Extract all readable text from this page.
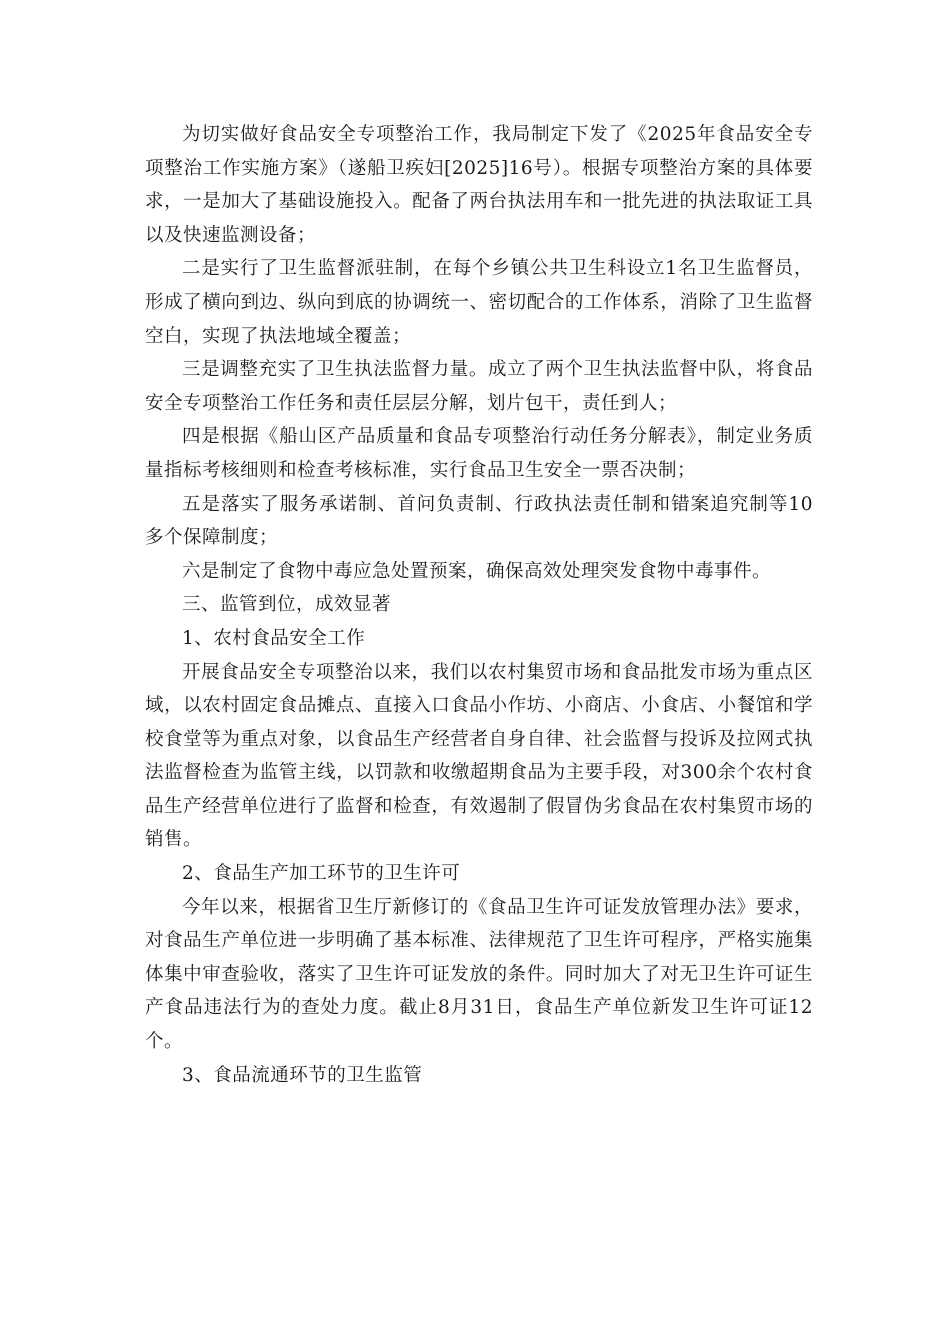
为切实做好食品安全专项整治工作，我局制定下发了《2025年食品安全专项整治工作实施方案》（遂船卫疾妇[2025]16号）。根据专项整治方案的具体要求，一是加大了基础设施投入。配备了两台执法用车和一批先进的执法取证工具以及快速监测设备；

二是实行了卫生监督派驻制，在每个乡镇公共卫生科设立1名卫生监督员，形成了横向到边、纵向到底的协调统一、密切配合的工作体系，消除了卫生监督空白，实现了执法地域全覆盖；

三是调整充实了卫生执法监督力量。成立了两个卫生执法监督中队，将食品安全专项整治工作任务和责任层层分解，划片包干，责任到人；

四是根据《船山区产品质量和食品专项整治行动任务分解表》，制定业务质量指标考核细则和检查考核标准，实行食品卫生安全一票否决制；

五是落实了服务承诺制、首问负责制、行政执法责任制和错案追究制等10多个保障制度；

六是制定了食物中毒应急处置预案，确保高效处理突发食物中毒事件。

三、监管到位，成效显著

1、农村食品安全工作

开展食品安全专项整治以来，我们以农村集贸市场和食品批发市场为重点区域，以农村固定食品摊点、直接入口食品小作坊、小商店、小食店、小餐馆和学校食堂等为重点对象，以食品生产经营者自身自律、社会监督与投诉及拉网式执法监督检查为监管主线，以罚款和收缴超期食品为主要手段，对300余个农村食品生产经营单位进行了监督和检查，有效遏制了假冒伪劣食品在农村集贸市场的销售。

2、食品生产加工环节的卫生许可

今年以来，根据省卫生厅新修订的《食品卫生许可证发放管理办法》要求，对食品生产单位进一步明确了基本标准、法律规范了卫生许可程序，严格实施集体集中审查验收，落实了卫生许可证发放的条件。同时加大了对无卫生许可证生产食品违法行为的查处力度。截止8月31日，食品生产单位新发卫生许可证12个。

3、食品流通环节的卫生监管
